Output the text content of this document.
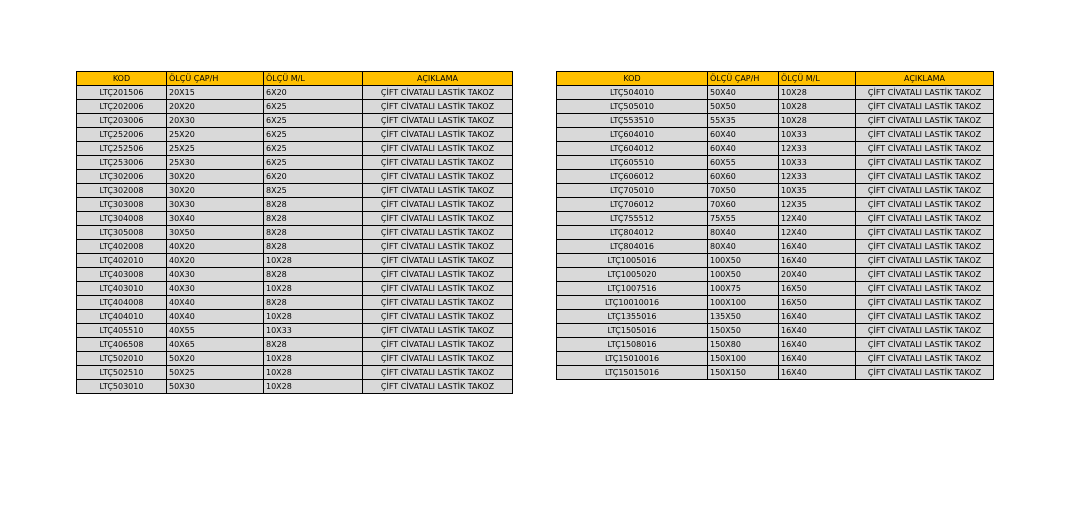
KOD	ÖLÇÜ ÇAP/H	ÖLÇÜ M/L	AÇIKLAMA
LTÇ201506	20X15	6X20	ÇİFT CİVATALI LASTİK TAKOZ
LTÇ202006	20X20	6X25	ÇİFT CİVATALI LASTİK TAKOZ
LTÇ203006	20X30	6X25	ÇİFT CİVATALI LASTİK TAKOZ
LTÇ252006	25X20	6X25	ÇİFT CİVATALI LASTİK TAKOZ
LTÇ252506	25X25	6X25	ÇİFT CİVATALI LASTİK TAKOZ
LTÇ253006	25X30	6X25	ÇİFT CİVATALI LASTİK TAKOZ
LTÇ302006	30X20	6X20	ÇİFT CİVATALI LASTİK TAKOZ
LTÇ302008	30X20	8X25	ÇİFT CİVATALI LASTİK TAKOZ
LTÇ303008	30X30	8X28	ÇİFT CİVATALI LASTİK TAKOZ
LTÇ304008	30X40	8X28	ÇİFT CİVATALI LASTİK TAKOZ
LTÇ305008	30X50	8X28	ÇİFT CİVATALI LASTİK TAKOZ
LTÇ402008	40X20	8X28	ÇİFT CİVATALI LASTİK TAKOZ
LTÇ402010	40X20	10X28	ÇİFT CİVATALI LASTİK TAKOZ
LTÇ403008	40X30	8X28	ÇİFT CİVATALI LASTİK TAKOZ
LTÇ403010	40X30	10X28	ÇİFT CİVATALI LASTİK TAKOZ
LTÇ404008	40X40	8X28	ÇİFT CİVATALI LASTİK TAKOZ
LTÇ404010	40X40	10X28	ÇİFT CİVATALI LASTİK TAKOZ
LTÇ405510	40X55	10X33	ÇİFT CİVATALI LASTİK TAKOZ
LTÇ406508	40X65	8X28	ÇİFT CİVATALI LASTİK TAKOZ
LTÇ502010	50X20	10X28	ÇİFT CİVATALI LASTİK TAKOZ
LTÇ502510	50X25	10X28	ÇİFT CİVATALI LASTİK TAKOZ
LTÇ503010	50X30	10X28	ÇİFT CİVATALI LASTİK TAKOZ
KOD	ÖLÇÜ ÇAP/H	ÖLÇÜ M/L	AÇIKLAMA
LTÇ504010	50X40	10X28	ÇİFT CİVATALI LASTİK TAKOZ
LTÇ505010	50X50	10X28	ÇİFT CİVATALI LASTİK TAKOZ
LTÇ553510	55X35	10X28	ÇİFT CİVATALI LASTİK TAKOZ
LTÇ604010	60X40	10X33	ÇİFT CİVATALI LASTİK TAKOZ
LTÇ604012	60X40	12X33	ÇİFT CİVATALI LASTİK TAKOZ
LTÇ605510	60X55	10X33	ÇİFT CİVATALI LASTİK TAKOZ
LTÇ606012	60X60	12X33	ÇİFT CİVATALI LASTİK TAKOZ
LTÇ705010	70X50	10X35	ÇİFT CİVATALI LASTİK TAKOZ
LTÇ706012	70X60	12X35	ÇİFT CİVATALI LASTİK TAKOZ
LTÇ755512	75X55	12X40	ÇİFT CİVATALI LASTİK TAKOZ
LTÇ804012	80X40	12X40	ÇİFT CİVATALI LASTİK TAKOZ
LTÇ804016	80X40	16X40	ÇİFT CİVATALI LASTİK TAKOZ
LTÇ1005016	100X50	16X40	ÇİFT CİVATALI LASTİK TAKOZ
LTÇ1005020	100X50	20X40	ÇİFT CİVATALI LASTİK TAKOZ
LTÇ1007516	100X75	16X50	ÇİFT CİVATALI LASTİK TAKOZ
LTÇ10010016	100X100	16X50	ÇİFT CİVATALI LASTİK TAKOZ
LTÇ1355016	135X50	16X40	ÇİFT CİVATALI LASTİK TAKOZ
LTÇ1505016	150X50	16X40	ÇİFT CİVATALI LASTİK TAKOZ
LTÇ1508016	150X80	16X40	ÇİFT CİVATALI LASTİK TAKOZ
LTÇ15010016	150X100	16X40	ÇİFT CİVATALI LASTİK TAKOZ
LTÇ15015016	150X150	16X40	ÇİFT CİVATALI LASTİK TAKOZ
